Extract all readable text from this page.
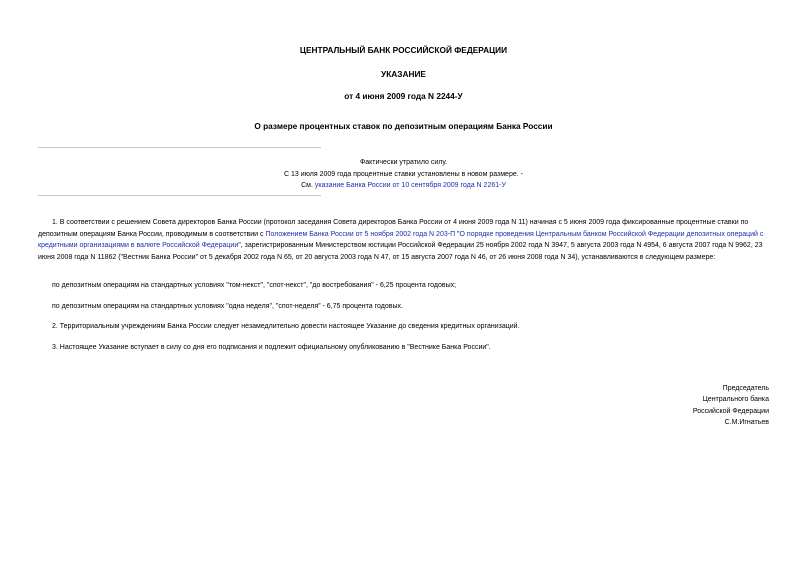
ЦЕНТРАЛЬНЫЙ БАНК РОССИЙСКОЙ ФЕДЕРАЦИИ
УКАЗАНИЕ
от 4 июня 2009 года N 2244-У
О размере процентных ставок по депозитным операциям Банка России
Фактически утратило силу.
С 13 июля 2009 года процентные ставки установлены в новом размере. -
См. указание Банка России от 10 сентября 2009 года N 2261-У
1. В соответствии с решением Совета директоров Банка России (протокол заседания Совета директоров Банка России от 4 июня 2009 года N 11) начиная с 5 июня 2009 года фиксированные процентные ставки по депозитным операциям Банка России, проводимым в соответствии с Положением Банка России от 5 ноября 2002 года N 203-П "О порядке проведения Центральным банком Российской Федерации депозитных операций с кредитными организациями в валюте Российской Федерации", зарегистрированным Министерством юстиции Российской Федерации 25 ноября 2002 года N 3947, 5 августа 2003 года N 4954, 6 августа 2007 года N 9962, 23 июня 2008 года N 11862 ("Вестник Банка России" от 5 декабря 2002 года N 65, от 20 августа 2003 года N 47, от 15 августа 2007 года N 46, от 26 июня 2008 года N 34), устанавливаются в следующем размере:
по депозитным операциям на стандартных условиях "том-некст", "спот-некст", "до востребования" - 6,25 процента годовых;
по депозитным операциям на стандартных условиях "одна неделя", "спот-неделя" - 6,75 процента годовых.
2. Территориальным учреждениям Банка России следует незамедлительно довести настоящее Указание до сведения кредитных организаций.
3. Настоящее Указание вступает в силу со дня его подписания и подлежит официальному опубликованию в "Вестнике Банка России".
Председатель
Центрального банка
Российской Федерации
С.М.Игнатьев
